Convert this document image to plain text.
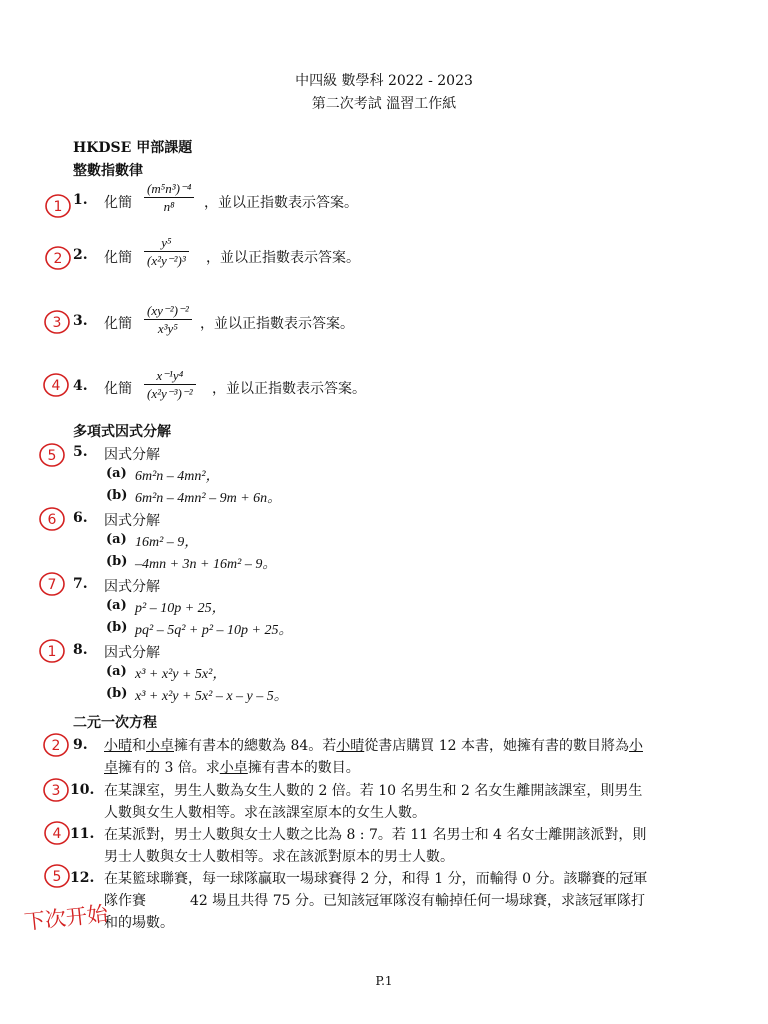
中四級 數學科 2022 - 2023
第二次考試 溫習工作紙
HKDSE 甲部課題
整數指數律
1. 化簡 $\frac{\text{(m⁵n³)⁻⁴}}{\text{n⁸}}$ ，並以正指數表示答案。
2. 化簡 $\frac{\text{y⁵}}{\text{(x²y⁻²)³}}$ ，並以正指數表示答案。
3. 化簡 $\frac{\text{(xy⁻²)⁻²}}{\text{x³y⁵}}$ ，並以正指數表示答案。
4. 化簡 $\frac{\text{x⁻¹y⁴}}{\text{(x²y⁻³)⁻²}}$ ，並以正指數表示答案。
多項式因式分解
5. 因式分解
(a) 6m²n – 4mn²，
(b) 6m²n – 4mn² – 9m + 6n。
6. 因式分解
(a) 16m² – 9，
(b) –4mn + 3n + 16m² – 9。
7. 因式分解
(a) p² – 10p + 25，
(b) pq² – 5q² + p² – 10p + 25。
8. 因式分解
(a) x³ + x²y + 5x²，
(b) x³ + x²y + 5x² – x – y – 5。
二元一次方程
9. 小晴和小卓擁有書本的總數為 84。若小晴從書店購買 12 本書，她擁有書的數目將為小
卓擁有的 3 倍。求小卓擁有書本的數目。
10. 在某課室，男生人數為女生人數的 2 倍。若 10 名男生和 2 名女生離開該課室，則男生
人數與女生人數相等。求在該課室原本的女生人數。
11. 在某派對，男士人數與女士人數之比為 8 : 7。若 11 名男士和 4 名女士離開該派對，則
男士人數與女士人數相等。求在該派對原本的男士人數。
12. 在某籃球聯賽，每一球隊贏取一場球賽得 2 分，和得 1 分，而輸得 0 分。該聯賽的冠軍
隊作賽	42 場且共得 75 分。已知該冠軍隊沒有輸掉任何一場球賽，求該冠軍隊打
和的場數。
1
2
3
4
5
6
7
1
2
3
4
5
下次开始
P.1
